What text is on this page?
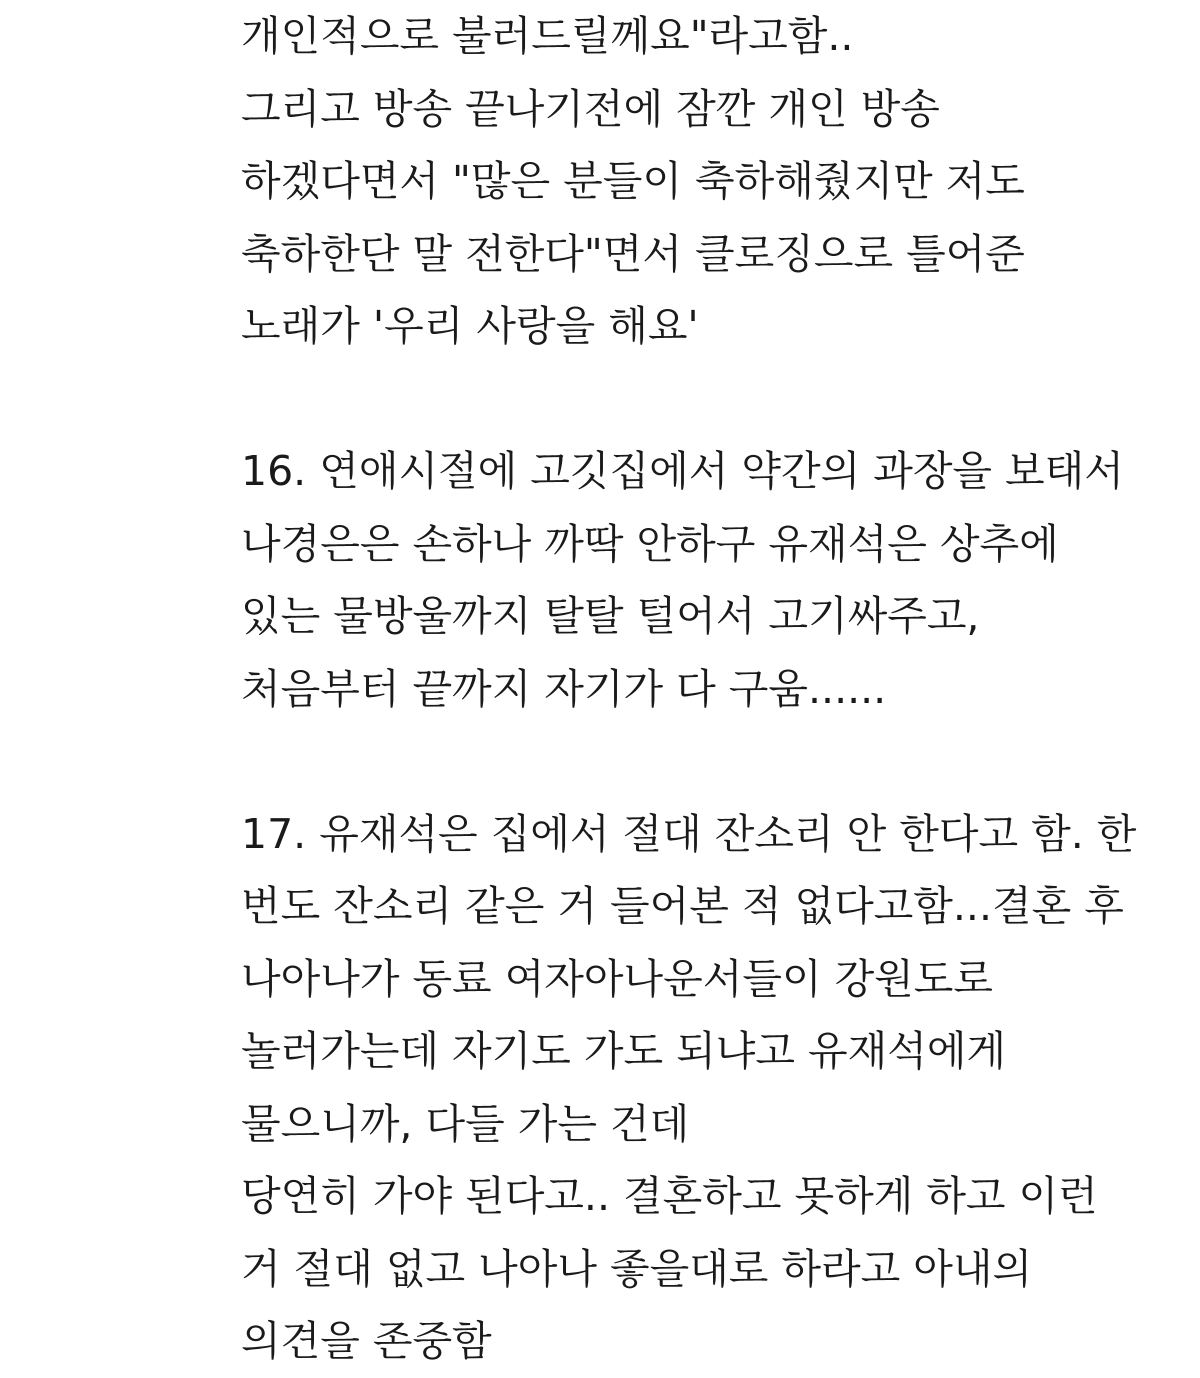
개인적으로 불러드릴께요"라고함..
그리고 방송 끝나기전에 잠깐 개인 방송
하겠다면서 "많은 분들이 축하해줬지만 저도
축하한단 말 전한다"면서 클로징으로 틀어준
노래가 '우리 사랑을 해요'
16. 연애시절에 고깃집에서 약간의 과장을 보태서
나경은은 손하나 까딱 안하구 유재석은 상추에
있는 물방울까지 탈탈 털어서 고기싸주고,
처음부터 끝까지 자기가 다 구움......
17. 유재석은 집에서 절대 잔소리 안 한다고 함. 한
번도 잔소리 같은 거 들어본 적 없다고함...결혼 후
나아나가 동료 여자아나운서들이 강원도로
놀러가는데 자기도 가도 되냐고 유재석에게
물으니까, 다들 가는 건데
당연히 가야 된다고.. 결혼하고 못하게 하고 이런
거 절대 없고 나아나 좋을대로 하라고 아내의
의견을 존중함
